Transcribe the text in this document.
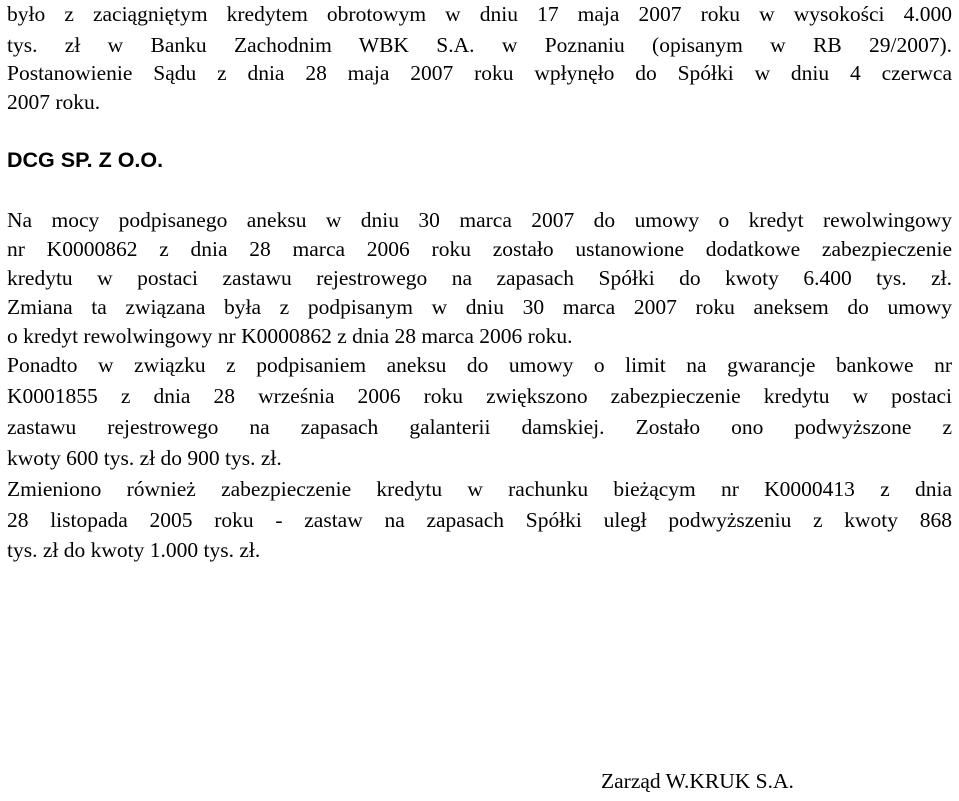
było z zaciągniętym kredytem obrotowym w dniu 17 maja 2007 roku w wysokości 4.000
tys. zł w Banku Zachodnim WBK S.A. w Poznaniu (opisanym w RB 29/2007).
Postanowienie Sądu z dnia 28 maja 2007 roku wpłynęło do Spółki w dniu 4 czerwca
2007 roku.
DCG SP. Z O.O.
Na mocy podpisanego aneksu w dniu 30 marca 2007 do umowy o kredyt rewolwingowy
nr K0000862 z dnia 28 marca 2006 roku zostało ustanowione dodatkowe zabezpieczenie
kredytu w postaci zastawu rejestrowego na zapasach Spółki do kwoty 6.400 tys. zł.
Zmiana ta związana była z podpisanym w dniu 30 marca 2007 roku aneksem do umowy
o kredyt rewolwingowy nr K0000862 z dnia 28 marca 2006 roku.
Ponadto w związku z podpisaniem aneksu do umowy o limit na gwarancje bankowe nr
K0001855 z dnia 28 września 2006 roku zwiększono zabezpieczenie kredytu w postaci
zastawu rejestrowego na zapasach galanterii damskiej. Zostało ono podwyższone z
kwoty 600 tys. zł do 900 tys. zł.
Zmieniono również zabezpieczenie kredytu w rachunku bieżącym nr K0000413 z dnia
28 listopada 2005 roku - zastaw na zapasach Spółki uległ podwyższeniu z kwoty 868
tys. zł do kwoty 1.000 tys. zł.
Zarząd W.KRUK S.A.
